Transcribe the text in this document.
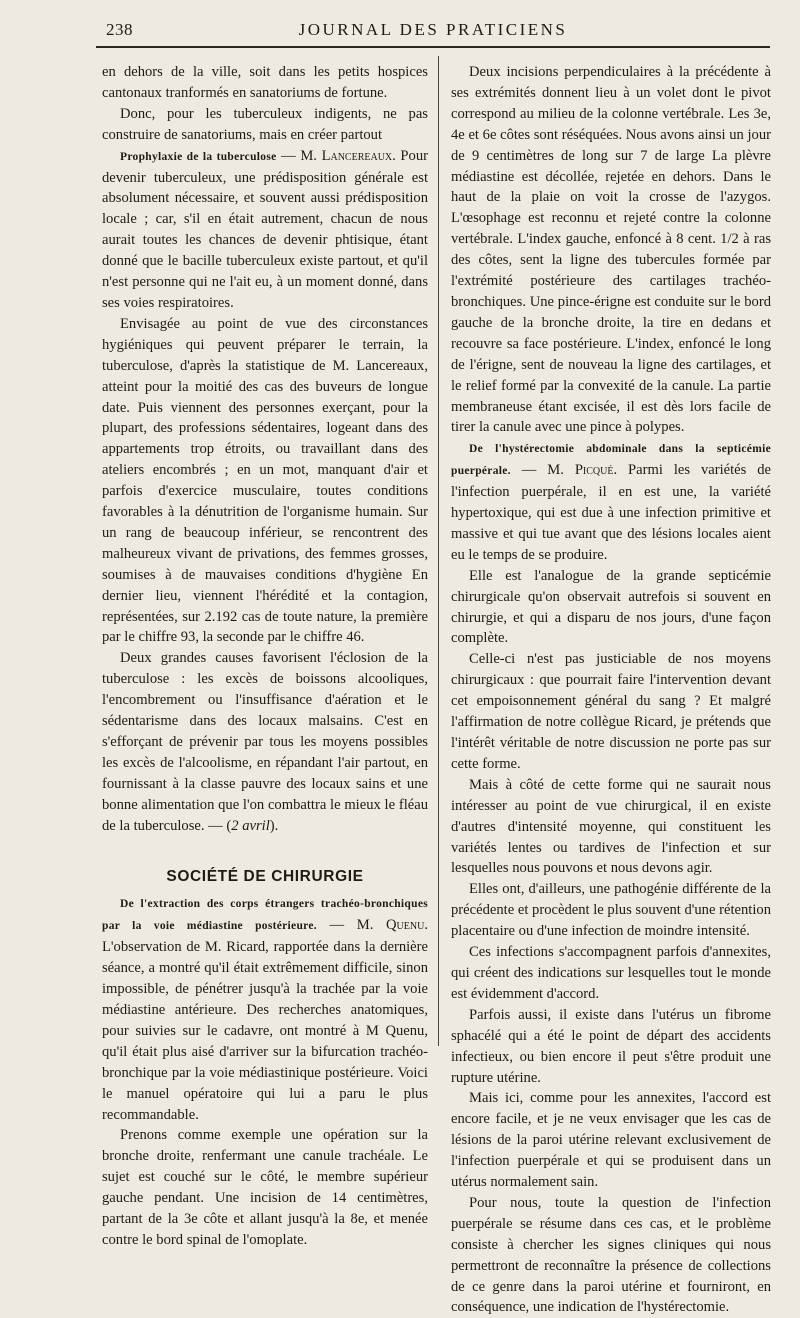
238	JOURNAL DES PRATICIENS

en dehors de la ville, soit dans les petits hospices cantonaux tranformés en sanatoriums de fortune.

Donc, pour les tuberculeux indigents, ne pas construire de sanatoriums, mais en créer partout

Prophylaxie de la tuberculose — M. Lancereaux. Pour devenir tuberculeux, une prédisposition générale est absolument nécessaire, et souvent aussi prédisposition locale ; car, s'il en était autrement, chacun de nous aurait toutes les chances de devenir phtisique, étant donné que le bacille tuberculeux existe partout, et qu'il n'est personne qui ne l'ait eu, à un moment donné, dans ses voies respiratoires.

Envisagée au point de vue des circonstances hygiéniques qui peuvent préparer le terrain, la tuberculose, d'après la statistique de M. Lancereaux, atteint pour la moitié des cas des buveurs de longue date. Puis viennent des personnes exerçant, pour la plupart, des professions sédentaires, logeant dans des appartements trop étroits, ou travaillant dans des ateliers encombrés ; en un mot, manquant d'air et parfois d'exercice musculaire, toutes conditions favorables à la dénutrition de l'organisme humain. Sur un rang de beaucoup inférieur, se rencontrent des malheureux vivant de privations, des femmes grosses, soumises à de mauvaises conditions d'hygiène En dernier lieu, viennent l'hérédité et la contagion, représentées, sur 2.192 cas de toute nature, la première par le chiffre 93, la seconde par le chiffre 46.

Deux grandes causes favorisent l'éclosion de la tuberculose : les excès de boissons alcooliques, l'encombrement ou l'insuffisance d'aération et le sédentarisme dans des locaux malsains. C'est en s'efforçant de prévenir par tous les moyens possibles les excès de l'alcoolisme, en répandant l'air partout, en fournissant à la classe pauvre des locaux sains et une bonne alimentation que l'on combattra le mieux le fléau de la tuberculose. — (2 avril).

SOCIÉTÉ DE CHIRURGIE

De l'extraction des corps étrangers trachéo-bronchiques par la voie médiastine postérieure. — M. Quenu. L'observation de M. Ricard, rapportée dans la dernière séance, a montré qu'il était extrêmement difficile, sinon impossible, de pénétrer jusqu'à la trachée par la voie médiastine antérieure. Des recherches anatomiques, pour suivies sur le cadavre, ont montré à M Quenu, qu'il était plus aisé d'arriver sur la bifurcation trachéo-bronchique par la voie médiastinique postérieure. Voici le manuel opératoire qui lui a paru le plus recommandable.

Prenons comme exemple une opération sur la bronche droite, renfermant une canule trachéale. Le sujet est couché sur le côté, le membre supérieur gauche pendant. Une incision de 14 centimètres, partant de la 3e côte et allant jusqu'à la 8e, et menée contre le bord spinal de l'omoplate.

Deux incisions perpendiculaires à la précédente à ses extrémités donnent lieu à un volet dont le pivot correspond au milieu de la colonne vertébrale. Les 3e, 4e et 6e côtes sont réséquées. Nous avons ainsi un jour de 9 centimètres de long sur 7 de large La plèvre médiastine est décollée, rejetée en dehors. Dans le haut de la plaie on voit la crosse de l'azygos. L'œsophage est reconnu et rejeté contre la colonne vertébrale. L'index gauche, enfoncé à 8 cent. 1/2 à ras des côtes, sent la ligne des tubercules formée par l'extrémité postérieure des cartilages trachéo-bronchiques. Une pince-érigne est conduite sur le bord gauche de la bronche droite, la tire en dedans et recouvre sa face postérieure. L'index, enfoncé le long de l'érigne, sent de nouveau la ligne des cartilages, et le relief formé par la convexité de la canule. La partie membraneuse étant excisée, il est dès lors facile de tirer la canule avec une pince à polypes.

De l'hystérectomie abdominale dans la septicémie puerpérale. — M. Picqué. Parmi les variétés de l'infection puerpérale, il en est une, la variété hypertoxique, qui est due à une infection primitive et massive et qui tue avant que des lésions locales aient eu le temps de se produire.

Elle est l'analogue de la grande septicémie chirurgicale qu'on observait autrefois si souvent en chirurgie, et qui a disparu de nos jours, d'une façon complète.

Celle-ci n'est pas justiciable de nos moyens chirurgicaux : que pourrait faire l'intervention devant cet empoisonnement général du sang ? Et malgré l'affirmation de notre collègue Ricard, je prétends que l'intérêt véritable de notre discussion ne porte pas sur cette forme.

Mais à côté de cette forme qui ne saurait nous intéresser au point de vue chirurgical, il en existe d'autres d'intensité moyenne, qui constituent les variétés lentes ou tardives de l'infection et sur lesquelles nous pouvons et nous devons agir.

Elles ont, d'ailleurs, une pathogénie différente de la précédente et procèdent le plus souvent d'une rétention placentaire ou d'une infection de moindre intensité.

Ces infections s'accompagnent parfois d'annexites, qui créent des indications sur lesquelles tout le monde est évidemment d'accord.

Parfois aussi, il existe dans l'utérus un fibrome sphacélé qui a été le point de départ des accidents infectieux, ou bien encore il peut s'être produit une rupture utérine.

Mais ici, comme pour les annexites, l'accord est encore facile, et je ne veux envisager que les cas de lésions de la paroi utérine relevant exclusivement de l'infection puerpérale et qui se produisent dans un utérus normalement sain.

Pour nous, toute la question de l'infection puerpérale se résume dans ces cas, et le problème consiste à chercher les signes cliniques qui nous permettront de reconnaître la présence de collections de ce genre dans la paroi utérine et fourniront, en conséquence, une indication de l'hystérectomie.
